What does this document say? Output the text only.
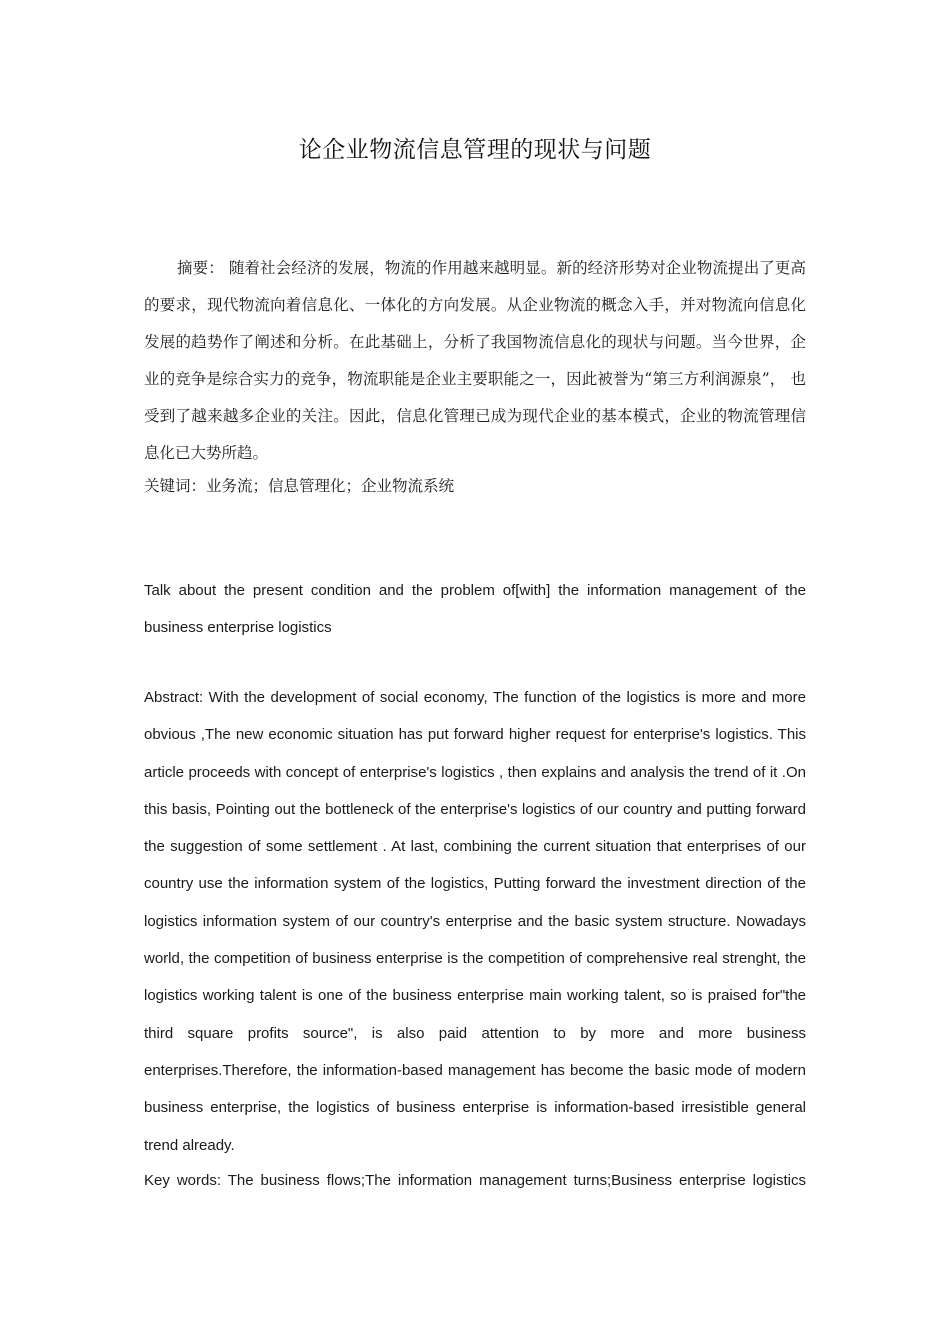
论企业物流信息管理的现状与问题

摘要： 随着社会经济的发展，物流的作用越来越明显。新的经济形势对企业物流提出了更高的要求，现代物流向着信息化、一体化的方向发展。从企业物流的概念入手，并对物流向信息化发展的趋势作了阐述和分析。在此基础上，分析了我国物流信息化的现状与问题。当今世界，企业的竞争是综合实力的竞争，物流职能是企业主要职能之一，因此被誉为“第三方利润源泉”， 也受到了越来越多企业的关注。因此，信息化管理已成为现代企业的基本模式，企业的物流管理信息化已大势所趋。

关键词：业务流；信息管理化；企业物流系统

Talk about the present condition and the problem of[with] the information management of the business enterprise logistics

Abstract: With the development of social economy, The function of the logistics is more and more obvious ,The new economic situation has put forward higher request for enterprise's logistics. This article proceeds with concept of enterprise's logistics , then explains and analysis the trend of it .On this basis, Pointing out the bottleneck of the enterprise's logistics of our country and putting forward the suggestion of some settlement . At last, combining the current situation that enterprises of our country use the information system of the logistics, Putting forward the investment direction of the logistics information system of our country's enterprise and the basic system structure. Nowadays world, the competition of business enterprise is the competition of comprehensive real strenght, the logistics working talent is one of the business enterprise main working talent, so is praised for"the third square profits source", is also paid attention to by more and more business enterprises.Therefore, the information-based management has become the basic mode of modern business enterprise, the logistics of business enterprise is information-based irresistible general trend already.

Key words: The business flows;The information management turns;Business enterprise logistics
